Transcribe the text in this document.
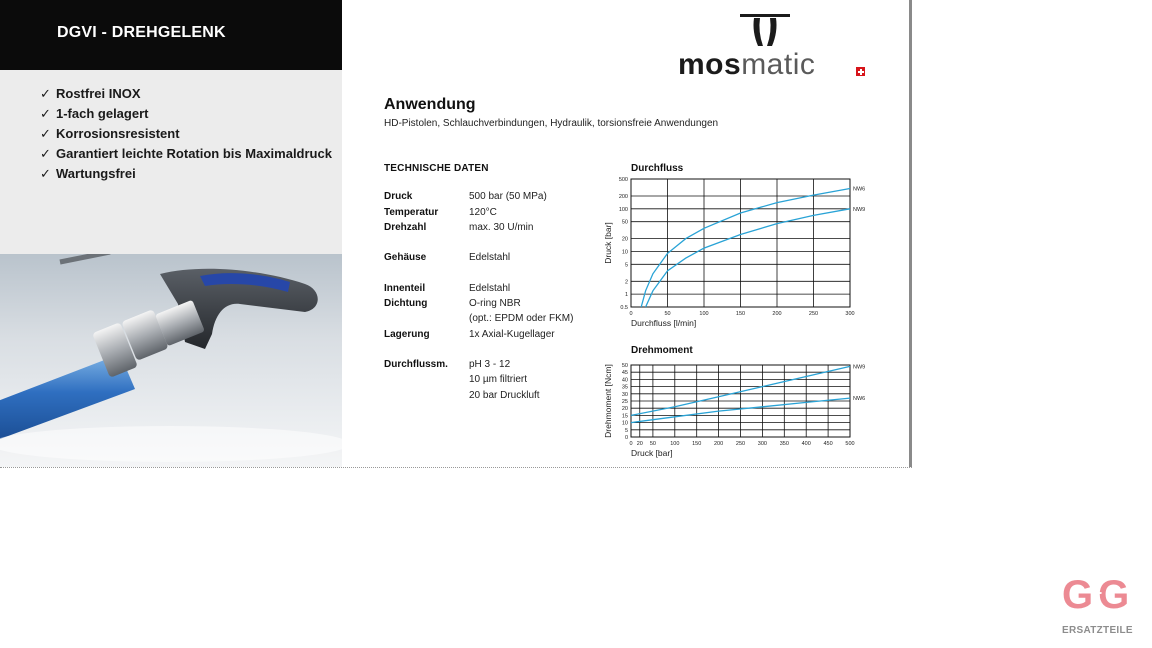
DGVI - DREHGELENK
✓ Rostfrei INOX
✓ 1-fach gelagert
✓ Korrosionsresistent
✓ Garantiert leichte Rotation bis Maximaldruck
✓ Wartungsfrei
mosmatic
Anwendung
HD-Pistolen, Schlauchverbindungen, Hydraulik, torsionsfreie Anwendungen
TECHNISCHE DATEN
Druck	500 bar (50 MPa)
Temperatur	120°C
Drehzahl	max. 30 U/min
Gehäuse	Edelstahl
Innenteil	Edelstahl
Dichtung	O-ring NBR
(opt.: EPDM oder FKM)
Lagerung	1x Axial-Kugellager
Durchflussm. pH 3 - 12
10 µm filtriert
20 bar Druckluft
Durchfluss
0	50	100	150	200	250	300
0.5
1
2
5
10
20
50
100
200
500
NW6
NW9
Durchfluss [l/min]
Druck [bar]
Drehmoment
0 20 50	100 150 200 250 300 350 400 450 500
0
5
10
15
20
25
30
35
40
45
50	NW9
NW6
Druck [bar]
Drehmoment [Ncm]
G&G
ERSATZTEILE
